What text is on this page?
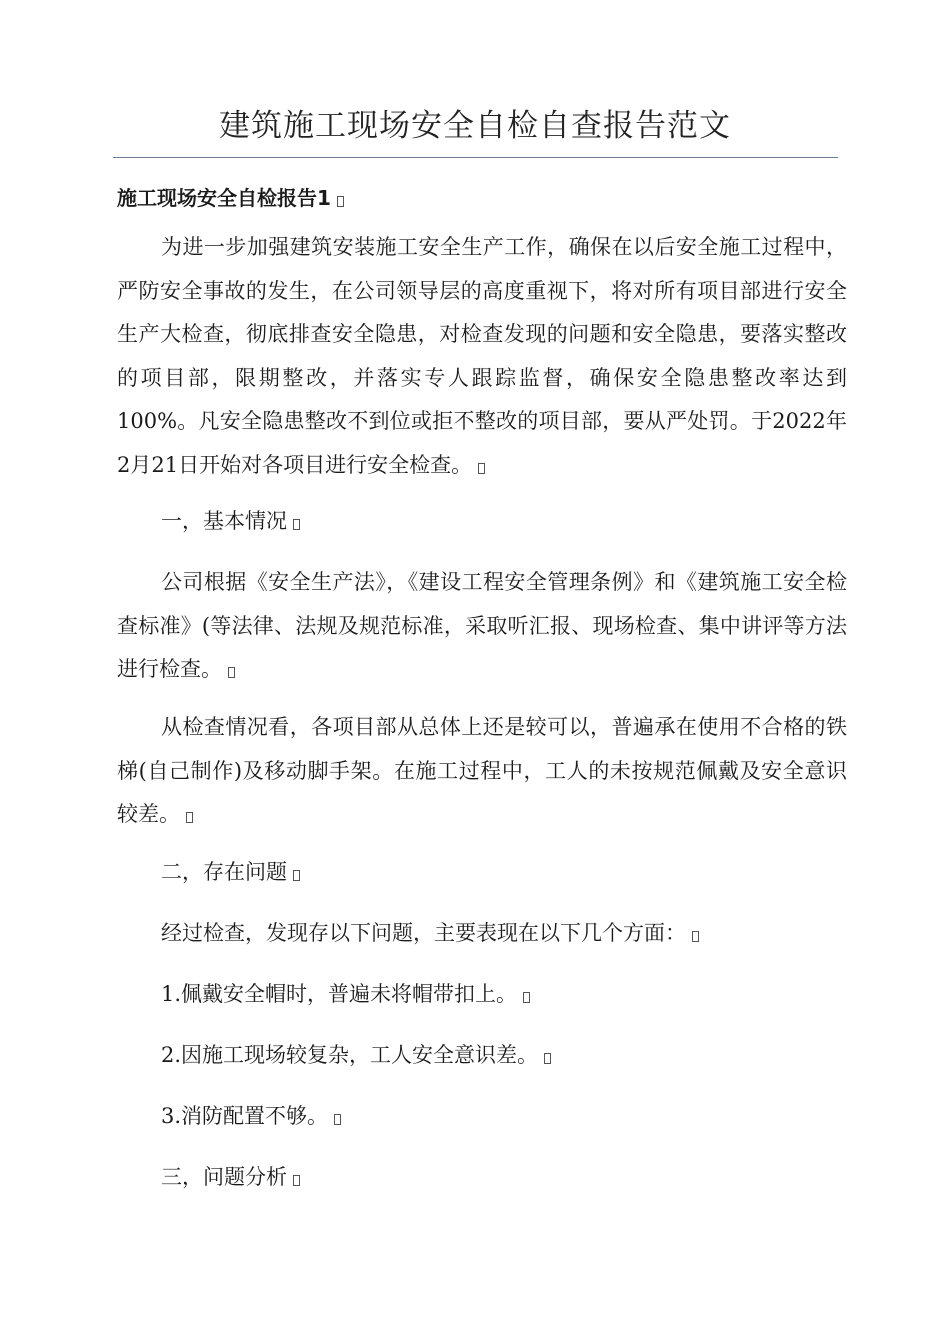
建筑施工现场安全自检自查报告范文
施工现场安全自检报告1

为进一步加强建筑安装施工安全生产工作，确保在以后安全施工过程中，严防安全事故的发生，在公司领导层的高度重视下，将对所有项目部进行安全生产大检查，彻底排查安全隐患，对检查发现的问题和安全隐患，要落实整改的项目部，限期整改，并落实专人跟踪监督，确保安全隐患整改率达到100%。凡安全隐患整改不到位或拒不整改的项目部，要从严处罚。于2022年2月21日开始对各项目进行安全检查。

一，基本情况

公司根据《安全生产法》，《建设工程安全管理条例》和《建筑施工安全检查标准》(等法律、法规及规范标准，采取听汇报、现场检查、集中讲评等方法进行检查。

从检查情况看，各项目部从总体上还是较可以，普遍承在使用不合格的铁梯(自己制作)及移动脚手架。在施工过程中，工人的未按规范佩戴及安全意识较差。

二，存在问题

经过检查，发现存以下问题，主要表现在以下几个方面：

1.佩戴安全帽时，普遍未将帽带扣上。

2.因施工现场较复杂，工人安全意识差。

3.消防配置不够。

三，问题分析
